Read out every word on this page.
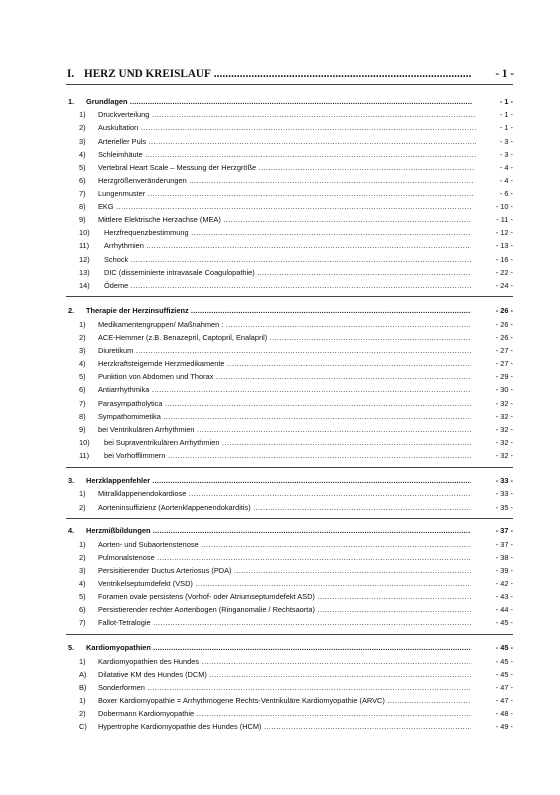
I. HERZ UND KREISLAUF .....	- 1 -
1. Grundlagen .....	- 1 -
1) Druckverteilung .....	- 1 -
2) Auskultation .....	- 1 -
3) Arterieller Puls .....	- 3 -
4) Schleimhäute .....	- 3 -
5) Vertebral Heart Scale – Messung der Herzgröße .....	- 4 -
6) Herzgrößenveränderungen .....	- 4 -
7) Lungenmuster .....	- 6 -
8) EKG .....	- 10 -
9) Mittlere Elektrische Herzachse (MEA) .....	- 11 -
10) Herzfrequenzbestimmung .....	- 12 -
11) Arrhythmien .....	- 13 -
12) Schock .....	- 16 -
13) DIC (disseminierte intravasale Coagulopathie) .....	- 22 -
14) Ödeme .....	- 24 -
2. Therapie der Herzinsuffizienz .....	- 26 -
1) Medikamentengruppen/ Maßnahmen : .....	- 26 -
2) ACE-Hemmer (z.B. Benazepril, Captopril, Enalapril) .....	- 26 -
3) Diuretikum .....	- 27 -
4) Herzkraftsteigernde Herzmedikamente .....	- 27 -
5) Punktion von Abdomen und Thorax .....	- 29 -
6) Antiarrhythmika .....	- 30 -
7) Parasympatholytica .....	- 32 -
8) Sympathomimetika .....	- 32 -
9) bei Ventrikulären Arrhythmien .....	- 32 -
10) bei Supraventrikulären Arrhythmien .....	- 32 -
11) bei Vorhofflimmern .....	- 32 -
3. Herzklappenfehler .....	- 33 -
1) Mitralklappenendokardiose .....	- 33 -
2) Aorteninsuffizienz (Aortenklappenendokarditis) .....	- 35 -
4. Herzmißbildungen .....	- 37 -
1) Aorten- und Subaortenstenose .....	- 37 -
2) Pulmonalstenose .....	- 38 -
3) Persisitierender Ductus Arteriosus (PDA) .....	- 39 -
4) Ventrikelseptumdefekt (VSD) .....	- 42 -
5) Foramen ovale persistens (Vorhof- oder Atriumseptumdefekt ASD) .....	- 43 -
6) Persistierender rechter Aortenbogen (Ringanomalie / Rechtsaorta) .....	- 44 -
7) Fallot-Tetralogie .....	- 45 -
5. Kardiomyopathien .....	- 45 -
1) Kardiomyopathien des Hundes .....	- 45 -
A) Dilatative KM des Hundes (DCM) .....	- 45 -
B) Sonderformen .....	- 47 -
1) Boxer Kardiomyopathie = Arrhythmogene Rechts-Ventrikuläre Kardiomyopathie (ARVC) .....	- 47 -
2) Dobermann Kardiomyopathie .....	- 48 -
C) Hypertrophe Kardiomyopathie des Hundes (HCM) .....	- 49 -
